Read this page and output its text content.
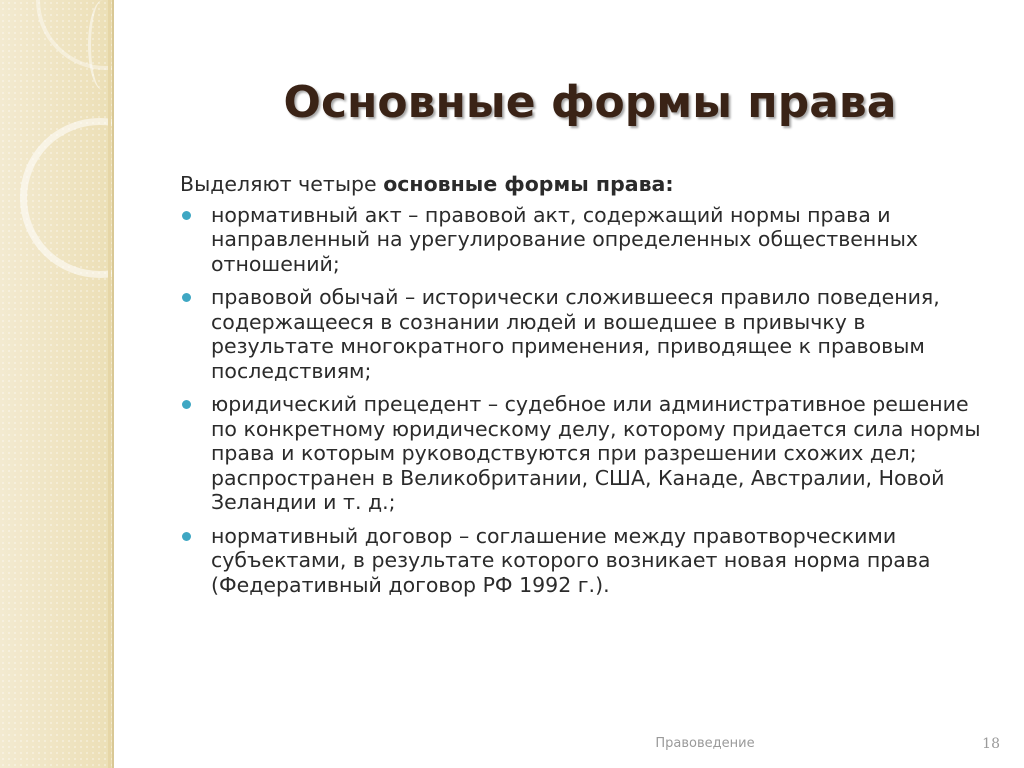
Основные формы права

Выделяют четыре основные формы права:

нормативный акт – правовой акт, содержащий нормы права и направленный на урегулирование определенных общественных отношений;
правовой обычай – исторически сложившееся правило поведения, содержащееся в сознании людей и вошедшее в привычку в результате многократного применения, приводящее к правовым последствиям;
юридический прецедент – судебное или административное решение по конкретному юридическому делу, которому придается сила нормы права и которым руководствуются при разрешении схожих дел; распространен в Великобритании, США, Канаде, Австралии, Новой Зеландии и т. д.;
нормативный договор – соглашение между правотворческими субъектами, в результате которого возникает новая норма права (Федеративный договор РФ 1992 г.).
Правоведение	18
